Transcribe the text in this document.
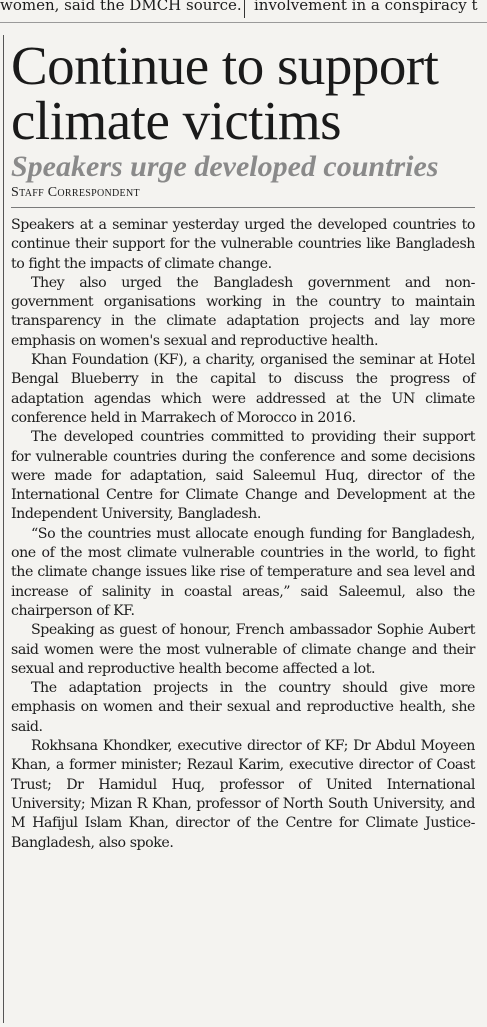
women, said the DMCH source. involvement in a conspiracy t
Continue to support climate victims
Speakers urge developed countries
Staff Correspondent

Speakers at a seminar yesterday urged the developed countries to continue their support for the vulnerable countries like Bangladesh to fight the impacts of climate change.

They also urged the Bangladesh government and non-government organisations working in the country to maintain transparency in the climate adaptation projects and lay more emphasis on women's sexual and reproductive health.

Khan Foundation (KF), a charity, organised the seminar at Hotel Bengal Blueberry in the capital to discuss the progress of adaptation agendas which were addressed at the UN climate conference held in Marrakech of Morocco in 2016.

The developed countries committed to providing their support for vulnerable countries during the conference and some decisions were made for adaptation, said Saleemul Huq, director of the International Centre for Climate Change and Development at the Independent University, Bangladesh.

“So the countries must allocate enough funding for Bangladesh, one of the most climate vulnerable countries in the world, to fight the climate change issues like rise of temperature and sea level and increase of salinity in coastal areas,” said Saleemul, also the chairperson of KF.

Speaking as guest of honour, French ambassador Sophie Aubert said women were the most vulnerable of climate change and their sexual and reproductive health become affected a lot.

The adaptation projects in the country should give more emphasis on women and their sexual and reproductive health, she said.

Rokhsana Khondker, executive director of KF; Dr Abdul Moyeen Khan, a former minister; Rezaul Karim, executive director of Coast Trust; Dr Hamidul Huq, professor of United International University; Mizan R Khan, professor of North South University, and M Hafijul Islam Khan, director of the Centre for Climate Justice-Bangladesh, also spoke.
